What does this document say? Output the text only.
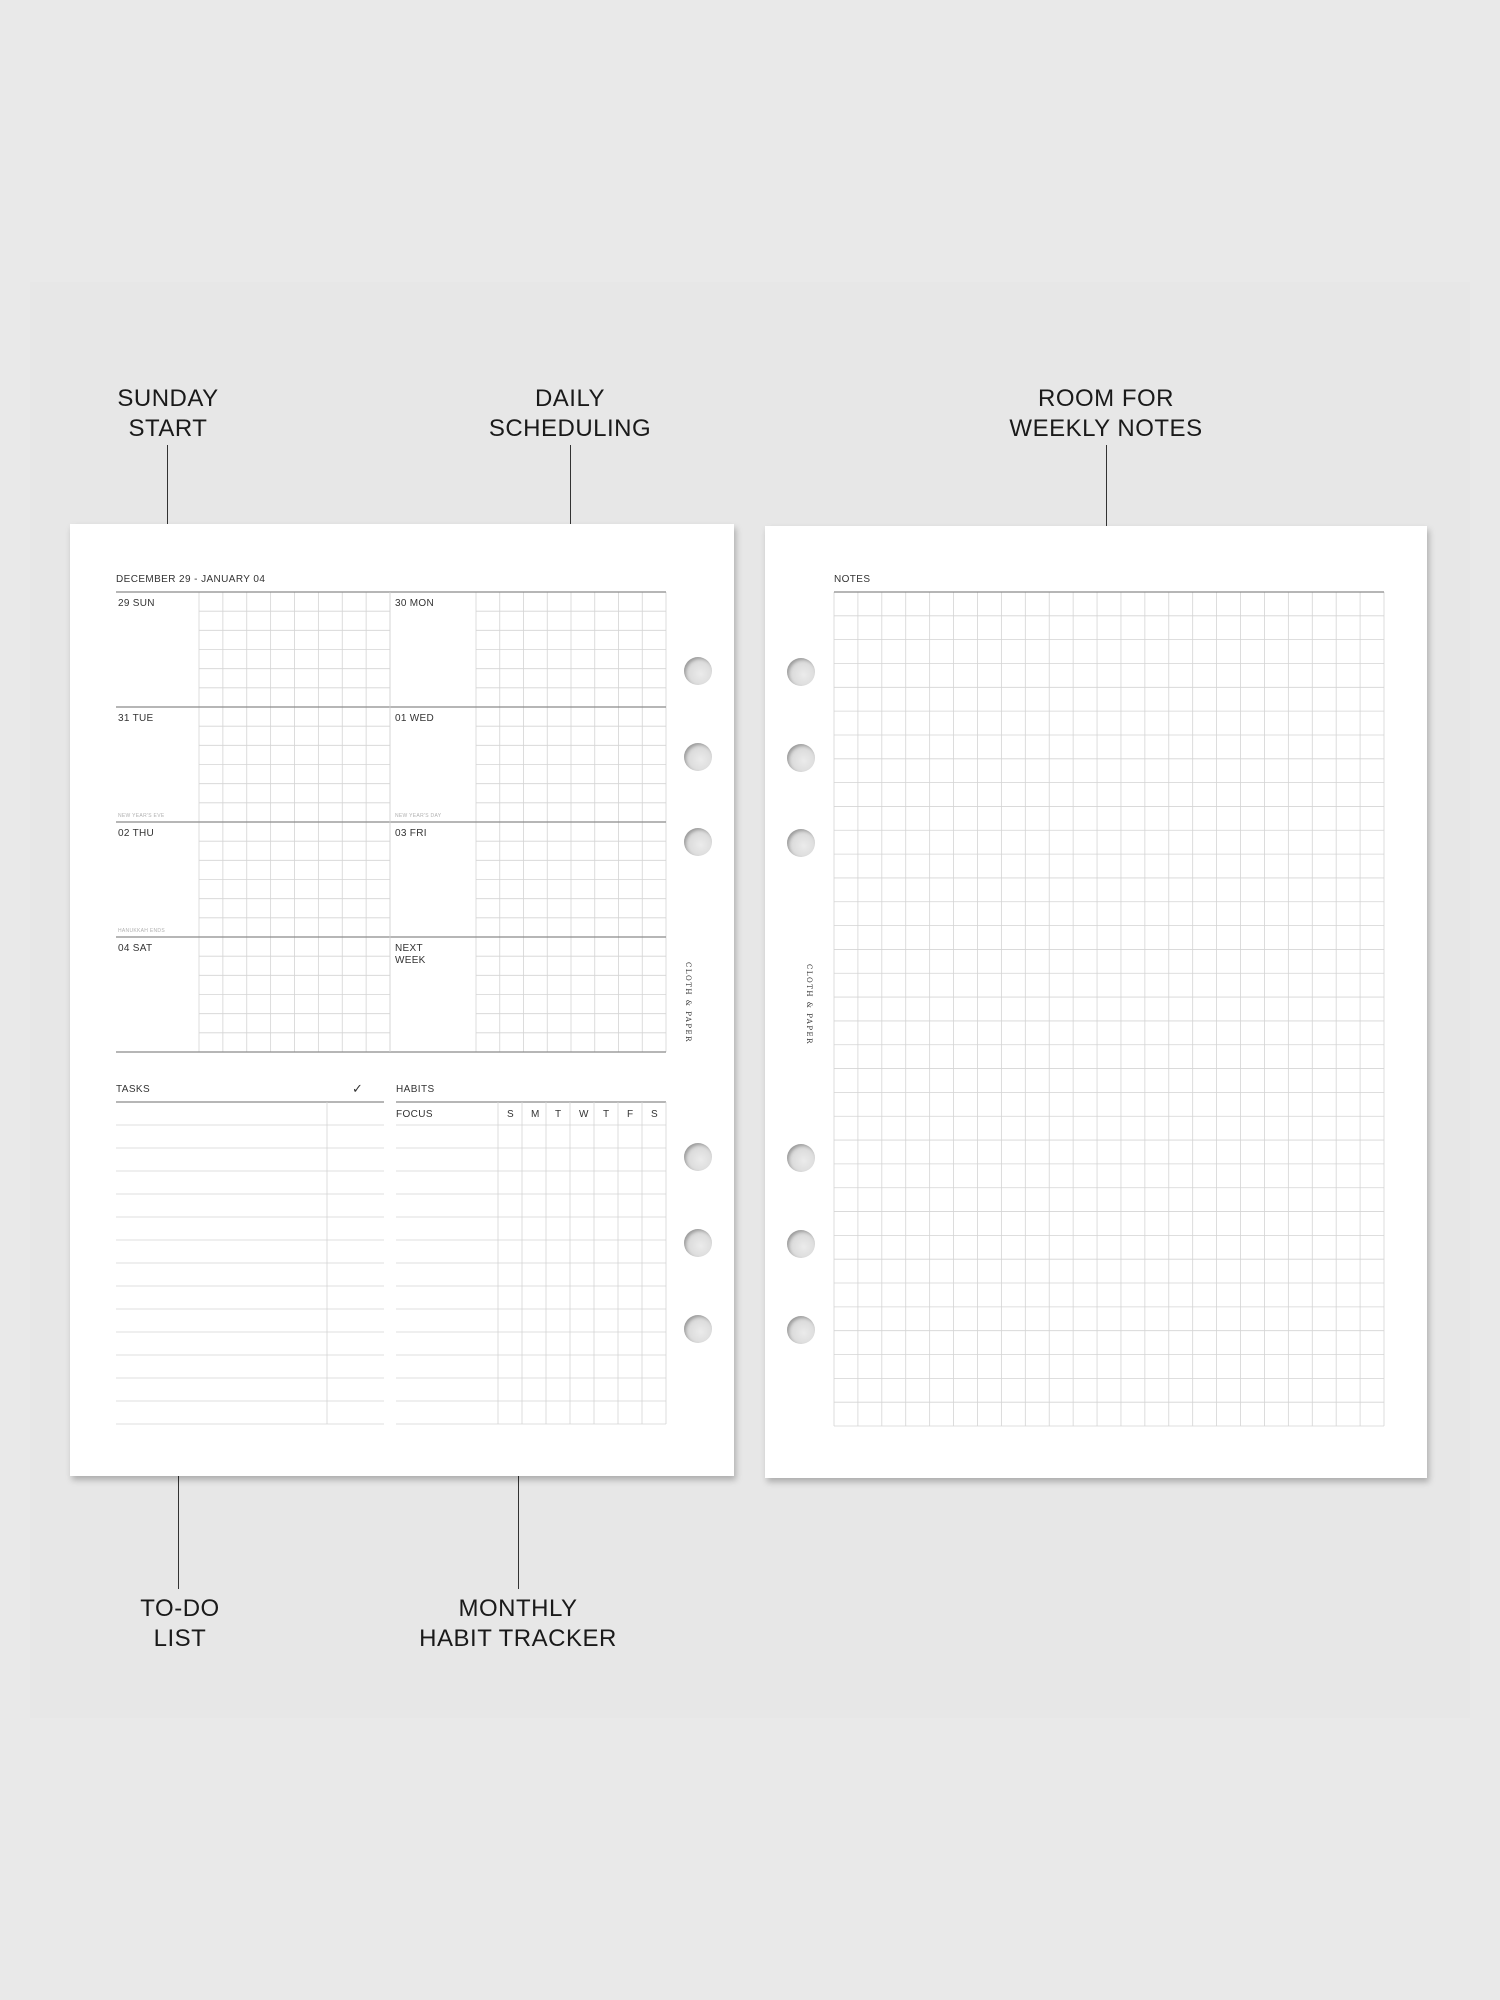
SUNDAY
START
DAILY
SCHEDULING
ROOM FOR
WEEKLY NOTES
TO-DO
LIST
MONTHLY
HABIT TRACKER
DECEMBER 29 - JANUARY 04
29 SUN	30 MON
31 TUE	01 WED
02 THU	03 FRI
04 SAT	NEXT WEEK
NEW YEAR'S EVE	NEW YEAR'S DAY
HANUKKAH ENDS
TASKS	✓	HABITS
FOCUS	S M T W T F S
CLOTH & PAPER
NOTES
CLOTH & PAPER
